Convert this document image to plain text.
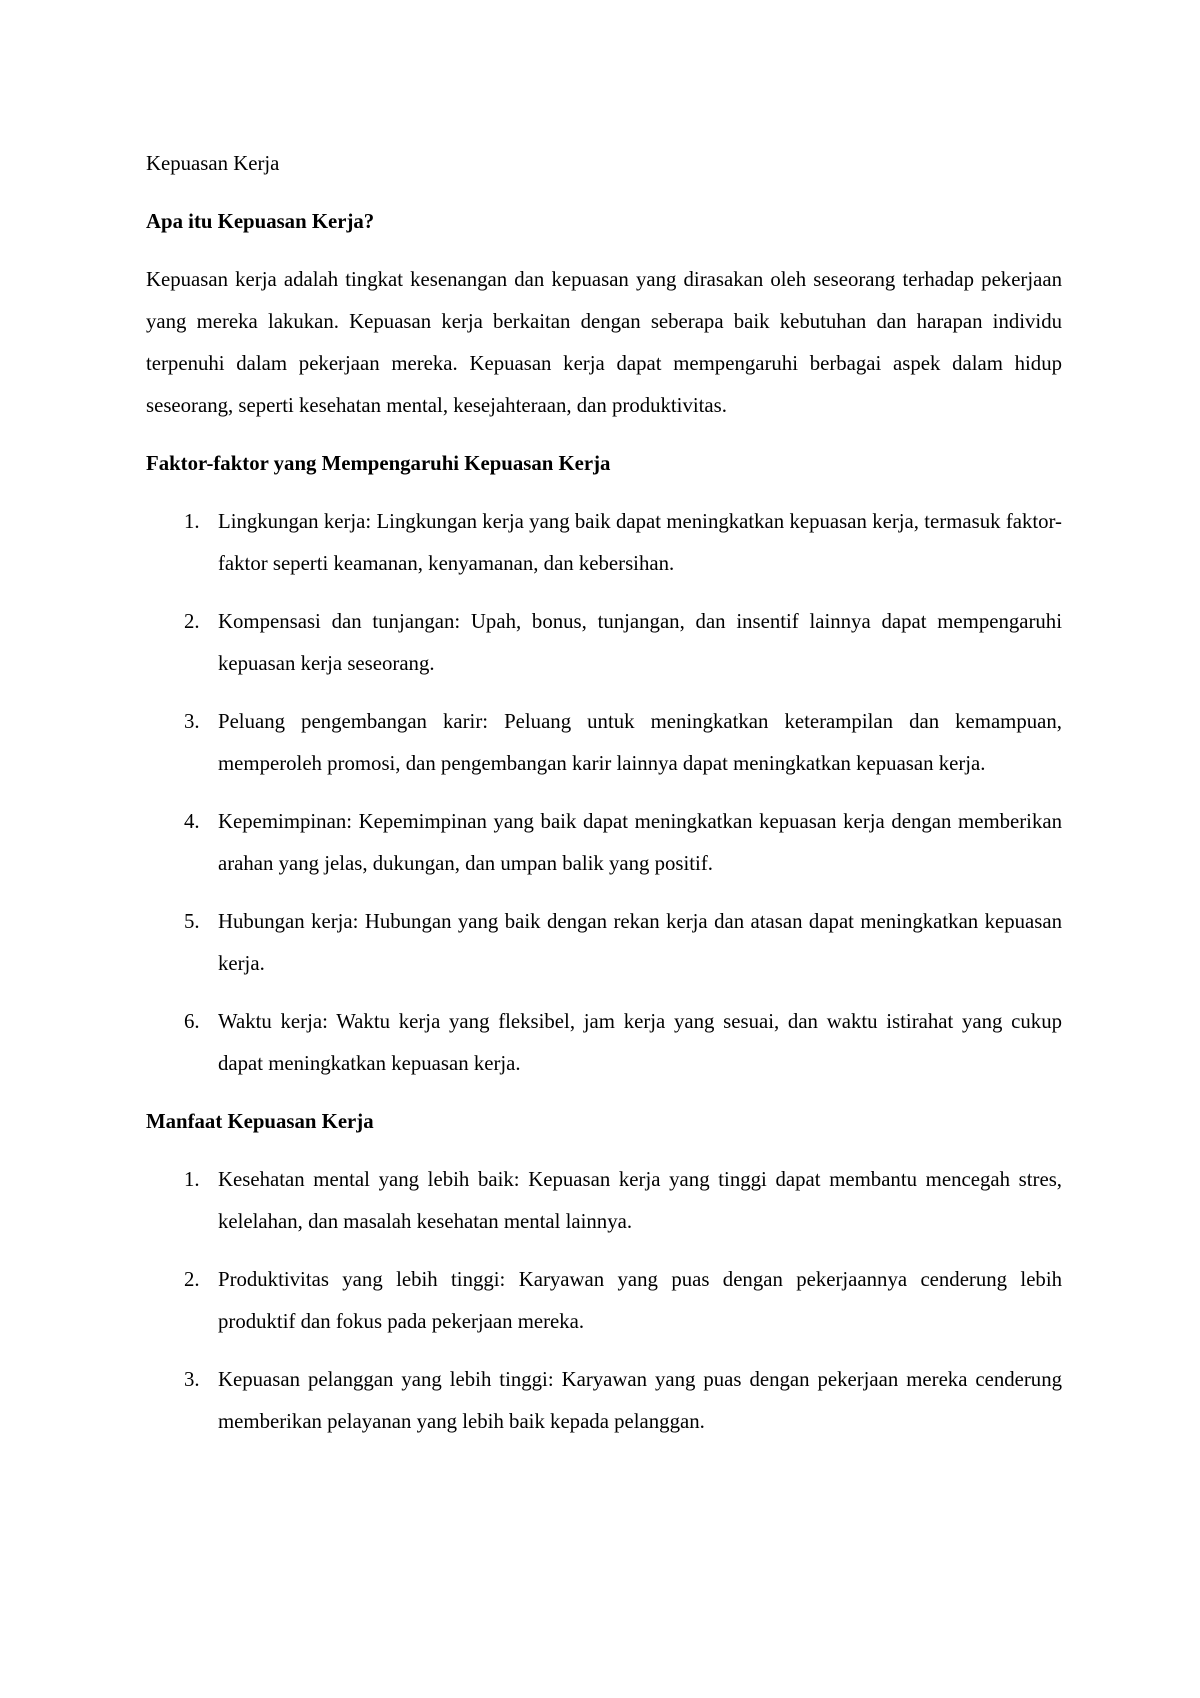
Kepuasan Kerja

Apa itu Kepuasan Kerja?

Kepuasan kerja adalah tingkat kesenangan dan kepuasan yang dirasakan oleh seseorang terhadap pekerjaan yang mereka lakukan. Kepuasan kerja berkaitan dengan seberapa baik kebutuhan dan harapan individu terpenuhi dalam pekerjaan mereka. Kepuasan kerja dapat mempengaruhi berbagai aspek dalam hidup seseorang, seperti kesehatan mental, kesejahteraan, dan produktivitas.

Faktor-faktor yang Mempengaruhi Kepuasan Kerja

1. Lingkungan kerja: Lingkungan kerja yang baik dapat meningkatkan kepuasan kerja, termasuk faktor-faktor seperti keamanan, kenyamanan, dan kebersihan.
2. Kompensasi dan tunjangan: Upah, bonus, tunjangan, dan insentif lainnya dapat mempengaruhi kepuasan kerja seseorang.
3. Peluang pengembangan karir: Peluang untuk meningkatkan keterampilan dan kemampuan, memperoleh promosi, dan pengembangan karir lainnya dapat meningkatkan kepuasan kerja.
4. Kepemimpinan: Kepemimpinan yang baik dapat meningkatkan kepuasan kerja dengan memberikan arahan yang jelas, dukungan, dan umpan balik yang positif.
5. Hubungan kerja: Hubungan yang baik dengan rekan kerja dan atasan dapat meningkatkan kepuasan kerja.
6. Waktu kerja: Waktu kerja yang fleksibel, jam kerja yang sesuai, dan waktu istirahat yang cukup dapat meningkatkan kepuasan kerja.

Manfaat Kepuasan Kerja

1. Kesehatan mental yang lebih baik: Kepuasan kerja yang tinggi dapat membantu mencegah stres, kelelahan, dan masalah kesehatan mental lainnya.
2. Produktivitas yang lebih tinggi: Karyawan yang puas dengan pekerjaannya cenderung lebih produktif dan fokus pada pekerjaan mereka.
3. Kepuasan pelanggan yang lebih tinggi: Karyawan yang puas dengan pekerjaan mereka cenderung memberikan pelayanan yang lebih baik kepada pelanggan.
